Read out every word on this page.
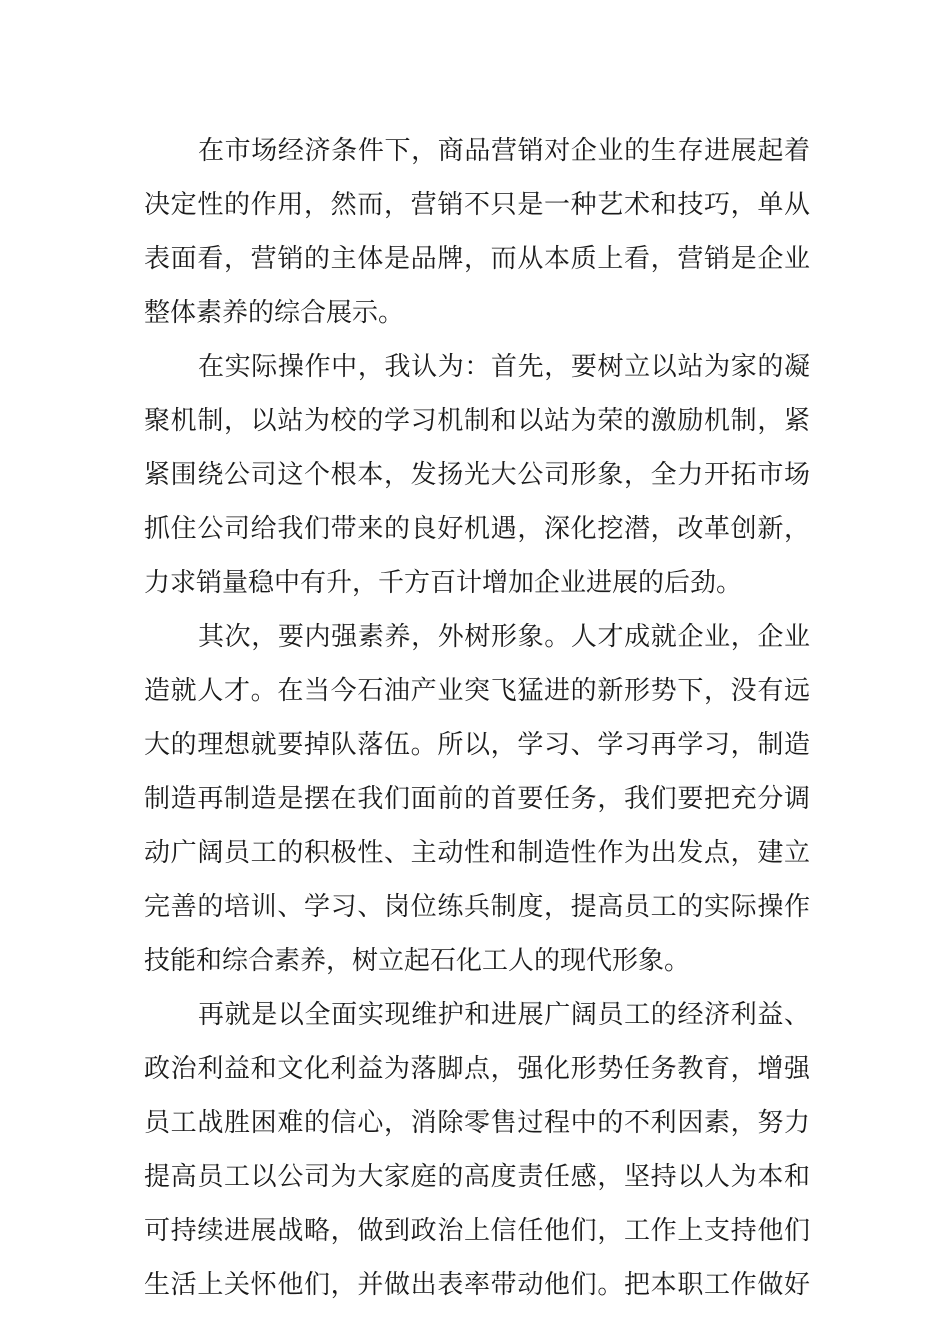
在市场经济条件下，商品营销对企业的生存进展起着
决定性的作用，然而，营销不只是一种艺术和技巧，单从
表面看，营销的主体是品牌，而从本质上看，营销是企业
整体素养的综合展示。
在实际操作中，我认为：首先，要树立以站为家的凝
聚机制，以站为校的学习机制和以站为荣的激励机制，紧
紧围绕公司这个根本，发扬光大公司形象，全力开拓市场
抓住公司给我们带来的良好机遇，深化挖潜，改革创新，
力求销量稳中有升，千方百计增加企业进展的后劲。
其次，要内强素养，外树形象。人才成就企业，企业
造就人才。在当今石油产业突飞猛进的新形势下，没有远
大的理想就要掉队落伍。所以，学习、学习再学习，制造
制造再制造是摆在我们面前的首要任务，我们要把充分调
动广阔员工的积极性、主动性和制造性作为出发点，建立
完善的培训、学习、岗位练兵制度，提高员工的实际操作
技能和综合素养，树立起石化工人的现代形象。
再就是以全面实现维护和进展广阔员工的经济利益、
政治利益和文化利益为落脚点，强化形势任务教育，增强
员工战胜困难的信心，消除零售过程中的不利因素，努力
提高员工以公司为大家庭的高度责任感，坚持以人为本和
可持续进展战略，做到政治上信任他们，工作上支持他们
生活上关怀他们，并做出表率带动他们。把本职工作做好
